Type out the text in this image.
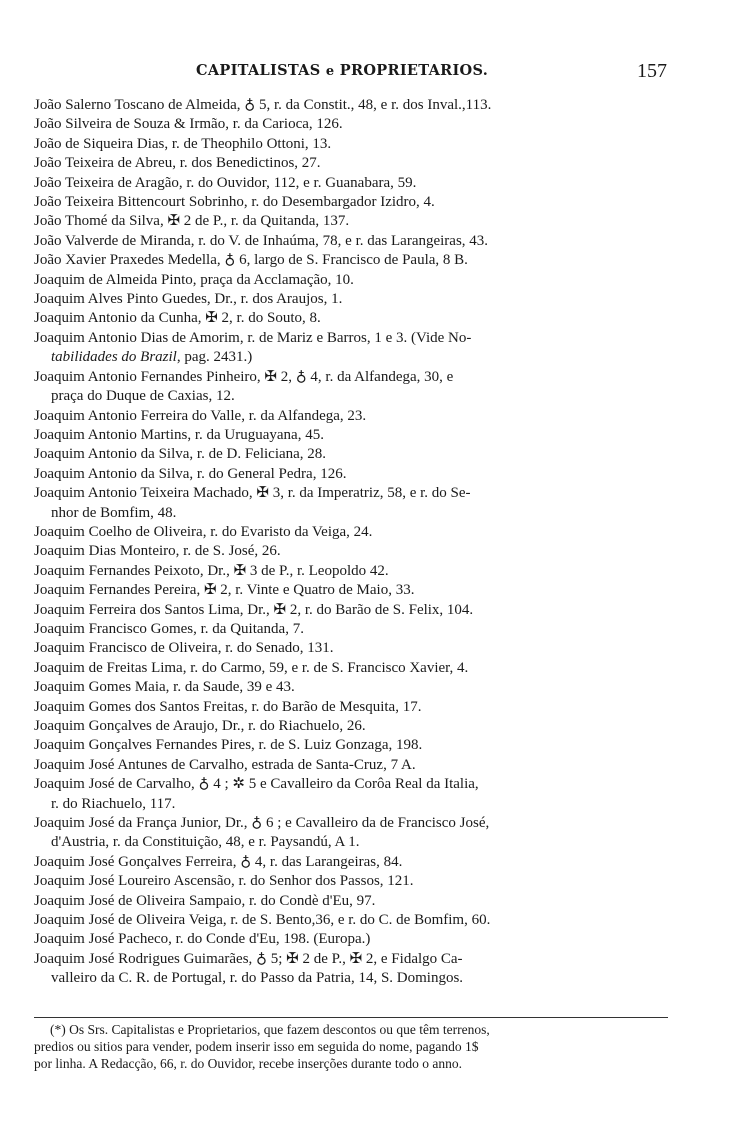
CAPITALISTAS e PROPRIETARIOS.	157
João Salerno Toscano de Almeida, ♁ 5, r. da Constit., 48, e r. dos Inval.,113.
João Silveira de Souza & Irmão, r. da Carioca, 126.
João de Siqueira Dias, r. de Theophilo Ottoni, 13.
João Teixeira de Abreu, r. dos Benedictinos, 27.
João Teixeira de Aragão, r. do Ouvidor, 112, e r. Guanabara, 59.
João Teixeira Bittencourt Sobrinho, r. do Desembargador Izidro, 4.
João Thomé da Silva, ✠ 2 de P., r. da Quitanda, 137.
João Valverde de Miranda, r. do V. de Inhaúma, 78, e r. das Larangeiras, 43.
João Xavier Praxedes Medella, ♁ 6, largo de S. Francisco de Paula, 8 B.
Joaquim de Almeida Pinto, praça da Acclamação, 10.
Joaquim Alves Pinto Guedes, Dr., r. dos Araujos, 1.
Joaquim Antonio da Cunha, ✠ 2, r. do Souto, 8.
Joaquim Antonio Dias de Amorim, r. de Mariz e Barros, 1 e 3. (Vide No-
tabilidades do Brazil, pag. 2431.)
Joaquim Antonio Fernandes Pinheiro, ✠ 2, ♁ 4, r. da Alfandega, 30, e
praça do Duque de Caxias, 12.
Joaquim Antonio Ferreira do Valle, r. da Alfandega, 23.
Joaquim Antonio Martins, r. da Uruguayana, 45.
Joaquim Antonio da Silva, r. de D. Feliciana, 28.
Joaquim Antonio da Silva, r. do General Pedra, 126.
Joaquim Antonio Teixeira Machado, ✠ 3, r. da Imperatriz, 58, e r. do Se-
nhor de Bomfim, 48.
Joaquim Coelho de Oliveira, r. do Evaristo da Veiga, 24.
Joaquim Dias Monteiro, r. de S. José, 26.
Joaquim Fernandes Peixoto, Dr., ✠ 3 de P., r. Leopoldo 42.
Joaquim Fernandes Pereira, ✠ 2, r. Vinte e Quatro de Maio, 33.
Joaquim Ferreira dos Santos Lima, Dr., ✠ 2, r. do Barão de S. Felix, 104.
Joaquim Francisco Gomes, r. da Quitanda, 7.
Joaquim Francisco de Oliveira, r. do Senado, 131.
Joaquim de Freitas Lima, r. do Carmo, 59, e r. de S. Francisco Xavier, 4.
Joaquim Gomes Maia, r. da Saude, 39 e 43.
Joaquim Gomes dos Santos Freitas, r. do Barão de Mesquita, 17.
Joaquim Gonçalves de Araujo, Dr., r. do Riachuelo, 26.
Joaquim Gonçalves Fernandes Pires, r. de S. Luiz Gonzaga, 198.
Joaquim José Antunes de Carvalho, estrada de Santa-Cruz, 7 A.
Joaquim José de Carvalho, ♁ 4 ; ✲ 5 e Cavalleiro da Corôa Real da Italia,
r. do Riachuelo, 117.
Joaquim José da França Junior, Dr., ♁ 6 ; e Cavalleiro da de Francisco José,
d'Austria, r. da Constituição, 48, e r. Paysandú, A 1.
Joaquim José Gonçalves Ferreira, ♁ 4, r. das Larangeiras, 84.
Joaquim José Loureiro Ascensão, r. do Senhor dos Passos, 121.
Joaquim José de Oliveira Sampaio, r. do Condè d'Eu, 97.
Joaquim José de Oliveira Veiga, r. de S. Bento,36, e r. do C. de Bomfim, 60.
Joaquim José Pacheco, r. do Conde d'Eu, 198. (Europa.)
Joaquim José Rodrigues Guimarães, ♁ 5; ✠ 2 de P., ✠ 2, e Fidalgo Ca-
valleiro da C. R. de Portugal, r. do Passo da Patria, 14, S. Domingos.
(*) Os Srs. Capitalistas e Proprietarios, que fazem descontos ou que têm terrenos,
predios ou sitios para vender, podem inserir isso em seguida do nome, pagando 1$
por linha. A Redacção, 66, r. do Ouvidor, recebe inserções durante todo o anno.
